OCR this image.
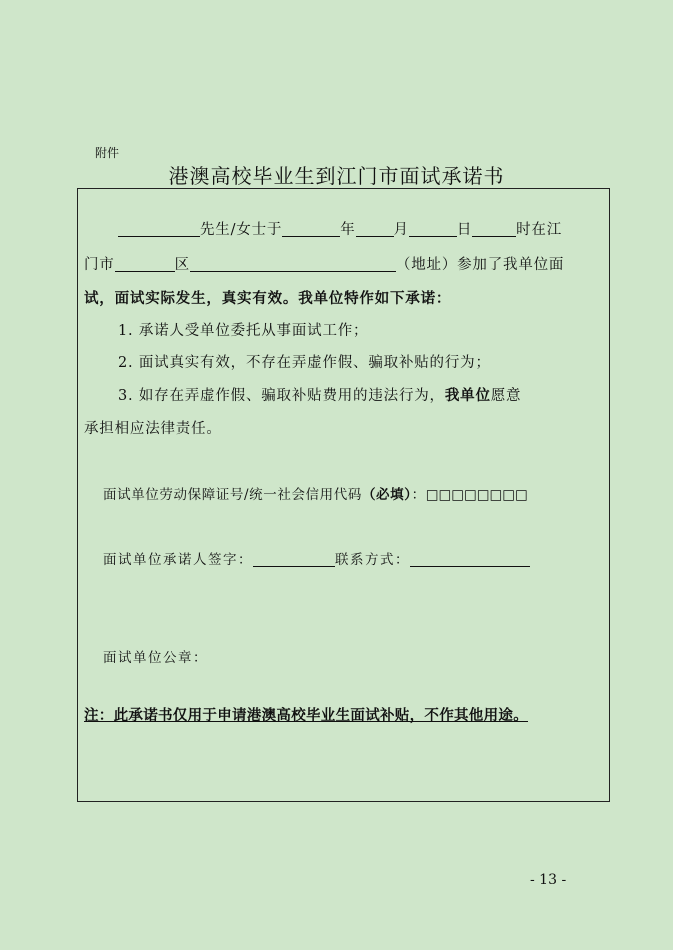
附件
港澳高校毕业生到江门市面试承诺书
先生/女士于	年	月	日	时在江
门市	区	（地址）参加了我单位面
试，面试实际发生，真实有效。我单位特作如下承诺：
1. 承诺人受单位委托从事面试工作；
2. 面试真实有效，不存在弄虚作假、骗取补贴的行为；
3. 如存在弄虚作假、骗取补贴费用的违法行为，我单位愿意
承担相应法律责任。
面试单位劳动保障证号/统一社会信用代码（必填）：□□□□□□□□
面试单位承诺人签字：	联系方式：
面试单位公章：
注：此承诺书仅用于申请港澳高校毕业生面试补贴，不作其他用途。
- 13 -
